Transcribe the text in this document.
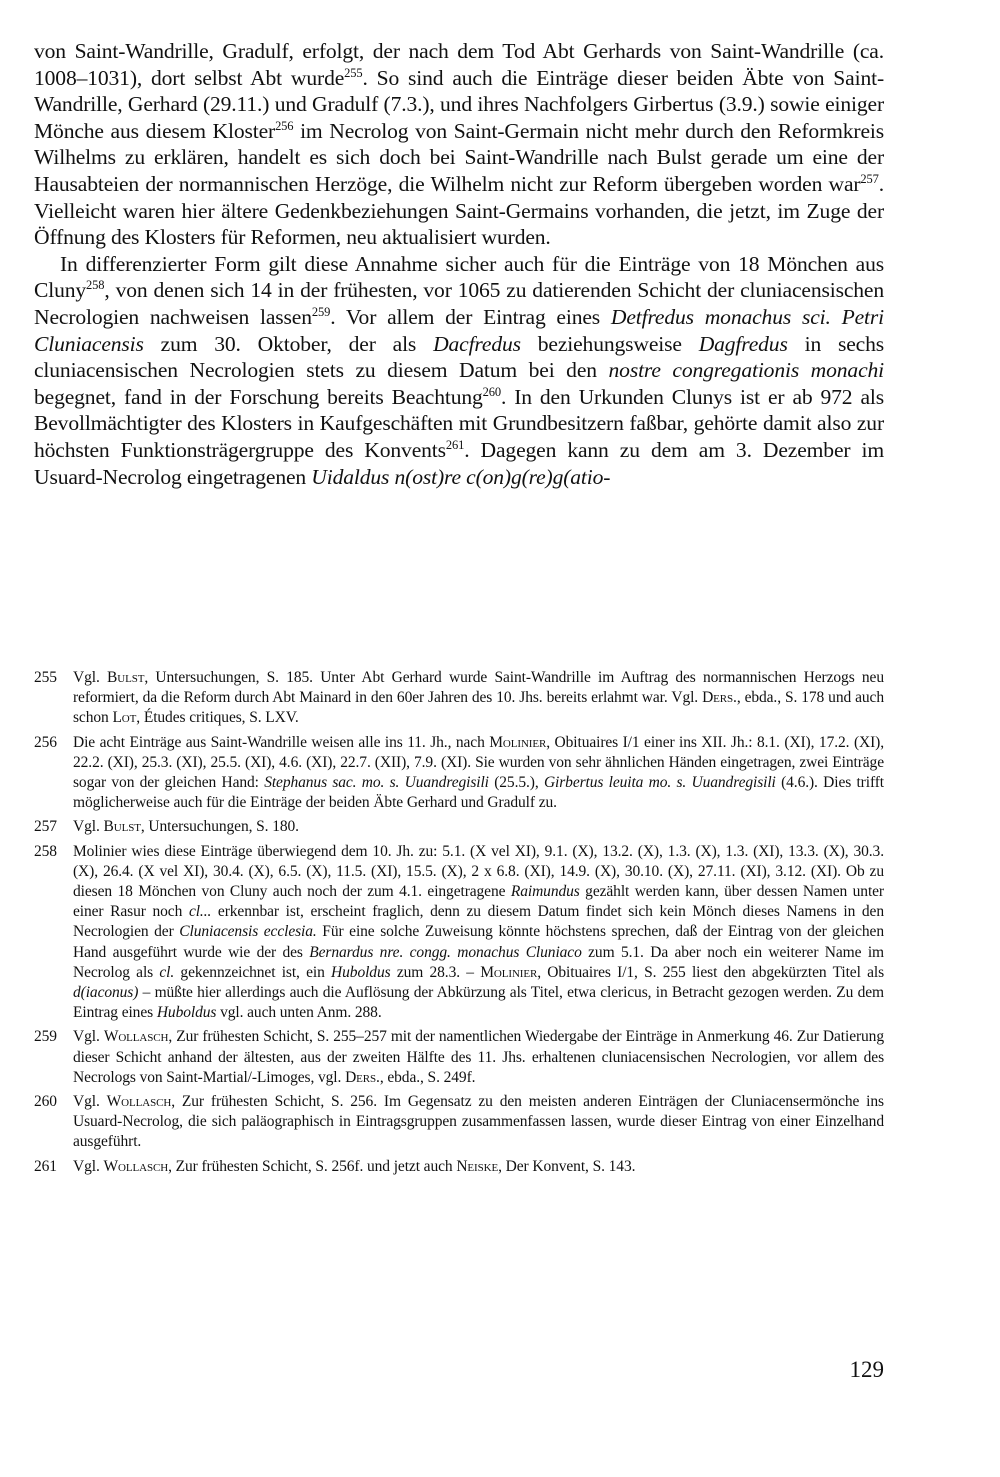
von Saint-Wandrille, Gradulf, erfolgt, der nach dem Tod Abt Gerhards von Saint-Wandrille (ca. 1008–1031), dort selbst Abt wurde$^{255}$. So sind auch die Einträge dieser beiden Äbte von Saint-Wandrille, Gerhard (29.11.) und Gradulf (7.3.), und ihres Nachfolgers Girbertus (3.9.) sowie einiger Mönche aus diesem Kloster$^{256}$ im Necrolog von Saint-Germain nicht mehr durch den Reformkreis Wilhelms zu erklären, handelt es sich doch bei Saint-Wandrille nach Bulst gerade um eine der Hausabteien der normannischen Herzöge, die Wilhelm nicht zur Reform übergeben worden war$^{257}$. Vielleicht waren hier ältere Gedenkbeziehungen Saint-Germains vorhanden, die jetzt, im Zuge der Öffnung des Klosters für Reformen, neu aktualisiert wurden.

In differenzierter Form gilt diese Annahme sicher auch für die Einträge von 18 Mönchen aus Cluny$^{258}$, von denen sich 14 in der frühesten, vor 1065 zu datierenden Schicht der cluniacensischen Necrologien nachweisen lassen$^{259}$. Vor allem der Eintrag eines Detfredus monachus sci. Petri Cluniacensis zum 30. Oktober, der als Dacfredus beziehungsweise Dagfredus in sechs cluniacensischen Necrologien stets zu diesem Datum bei den nostre congregationis monachi begegnet, fand in der Forschung bereits Beachtung$^{260}$. In den Urkunden Clunys ist er ab 972 als Bevollmächtigter des Klosters in Kaufgeschäften mit Grundbesitzern faßbar, gehörte damit also zur höchsten Funktionsträgergruppe des Konvents$^{261}$. Dagegen kann zu dem am 3. Dezember im Usuard-Necrolog eingetragenen Uidaldus n(ost)re c(on)g(re)g(atio-

255	Vgl. Bulst, Untersuchungen, S. 185. Unter Abt Gerhard wurde Saint-Wandrille im Auftrag des normannischen Herzogs neu reformiert, da die Reform durch Abt Mainard in den 60er Jahren des 10. Jhs. bereits erlahmt war. Vgl. Ders., ebda., S. 178 und auch schon Lot, Études critiques, S. LXV.
256	Die acht Einträge aus Saint-Wandrille weisen alle ins 11. Jh., nach Molinier, Obituaires I/1 einer ins XII. Jh.: 8.1. (XI), 17.2. (XI), 22.2. (XI), 25.3. (XI), 25.5. (XI), 4.6. (XI), 22.7. (XII), 7.9. (XI). Sie wurden von sehr ähnlichen Händen eingetragen, zwei Einträge sogar von der gleichen Hand: Stephanus sac. mo. s. Uuandregisili (25.5.), Girbertus leuita mo. s. Uuandregisili (4.6.). Dies trifft möglicherweise auch für die Einträge der beiden Äbte Gerhard und Gradulf zu.
257	Vgl. Bulst, Untersuchungen, S. 180.
258	Molinier wies diese Einträge überwiegend dem 10. Jh. zu: 5.1. (X vel XI), 9.1. (X), 13.2. (X), 1.3. (X), 1.3. (XI), 13.3. (X), 30.3. (X), 26.4. (X vel XI), 30.4. (X), 6.5. (X), 11.5. (XI), 15.5. (X), 2 x 6.8. (XI), 14.9. (X), 30.10. (X), 27.11. (XI), 3.12. (XI). Ob zu diesen 18 Mönchen von Cluny auch noch der zum 4.1. eingetragene Raimundus gezählt werden kann, über dessen Namen unter einer Rasur noch cl... erkennbar ist, erscheint fraglich, denn zu diesem Datum findet sich kein Mönch dieses Namens in den Necrologien der Cluniacensis ecclesia. Für eine solche Zuweisung könnte höchstens sprechen, daß der Eintrag von der gleichen Hand ausgeführt wurde wie der des Bernardus nre. congg. monachus Cluniaco zum 5.1. Da aber noch ein weiterer Name im Necrolog als cl. gekennzeichnet ist, ein Huboldus zum 28.3. – Molinier, Obituaires I/1, S. 255 liest den abgekürzten Titel als d(iaconus) – müßte hier allerdings auch die Auflösung der Abkürzung als Titel, etwa clericus, in Betracht gezogen werden. Zu dem Eintrag eines Huboldus vgl. auch unten Anm. 288.
259	Vgl. Wollasch, Zur frühesten Schicht, S. 255–257 mit der namentlichen Wiedergabe der Einträge in Anmerkung 46. Zur Datierung dieser Schicht anhand der ältesten, aus der zweiten Hälfte des 11. Jhs. erhaltenen cluniacensischen Necrologien, vor allem des Necrologs von Saint-Martial/-Limoges, vgl. Ders., ebda., S. 249f.
260	Vgl. Wollasch, Zur frühesten Schicht, S. 256. Im Gegensatz zu den meisten anderen Einträgen der Cluniacensermönche ins Usuard-Necrolog, die sich paläographisch in Eintragsgruppen zusammenfassen lassen, wurde dieser Eintrag von einer Einzelhand ausgeführt.
261	Vgl. Wollasch, Zur frühesten Schicht, S. 256f. und jetzt auch Neiske, Der Konvent, S. 143.
129
